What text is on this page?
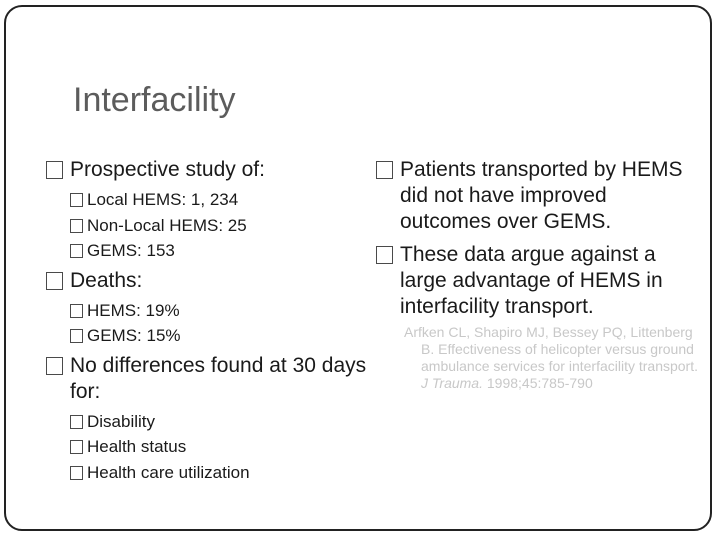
Interfacility
Prospective study of:
Local HEMS: 1, 234
Non-Local HEMS: 25
GEMS: 153
Deaths:
HEMS: 19%
GEMS: 15%
No differences found at 30 days for:
Disability
Health status
Health care utilization
Patients transported by HEMS did not have improved outcomes over GEMS.
These data argue against a large advantage of HEMS in interfacility transport.
Arfken CL, Shapiro MJ, Bessey PQ, Littenberg B. Effectiveness of helicopter versus ground ambulance services for interfacility transport. J Trauma. 1998;45:785-790
